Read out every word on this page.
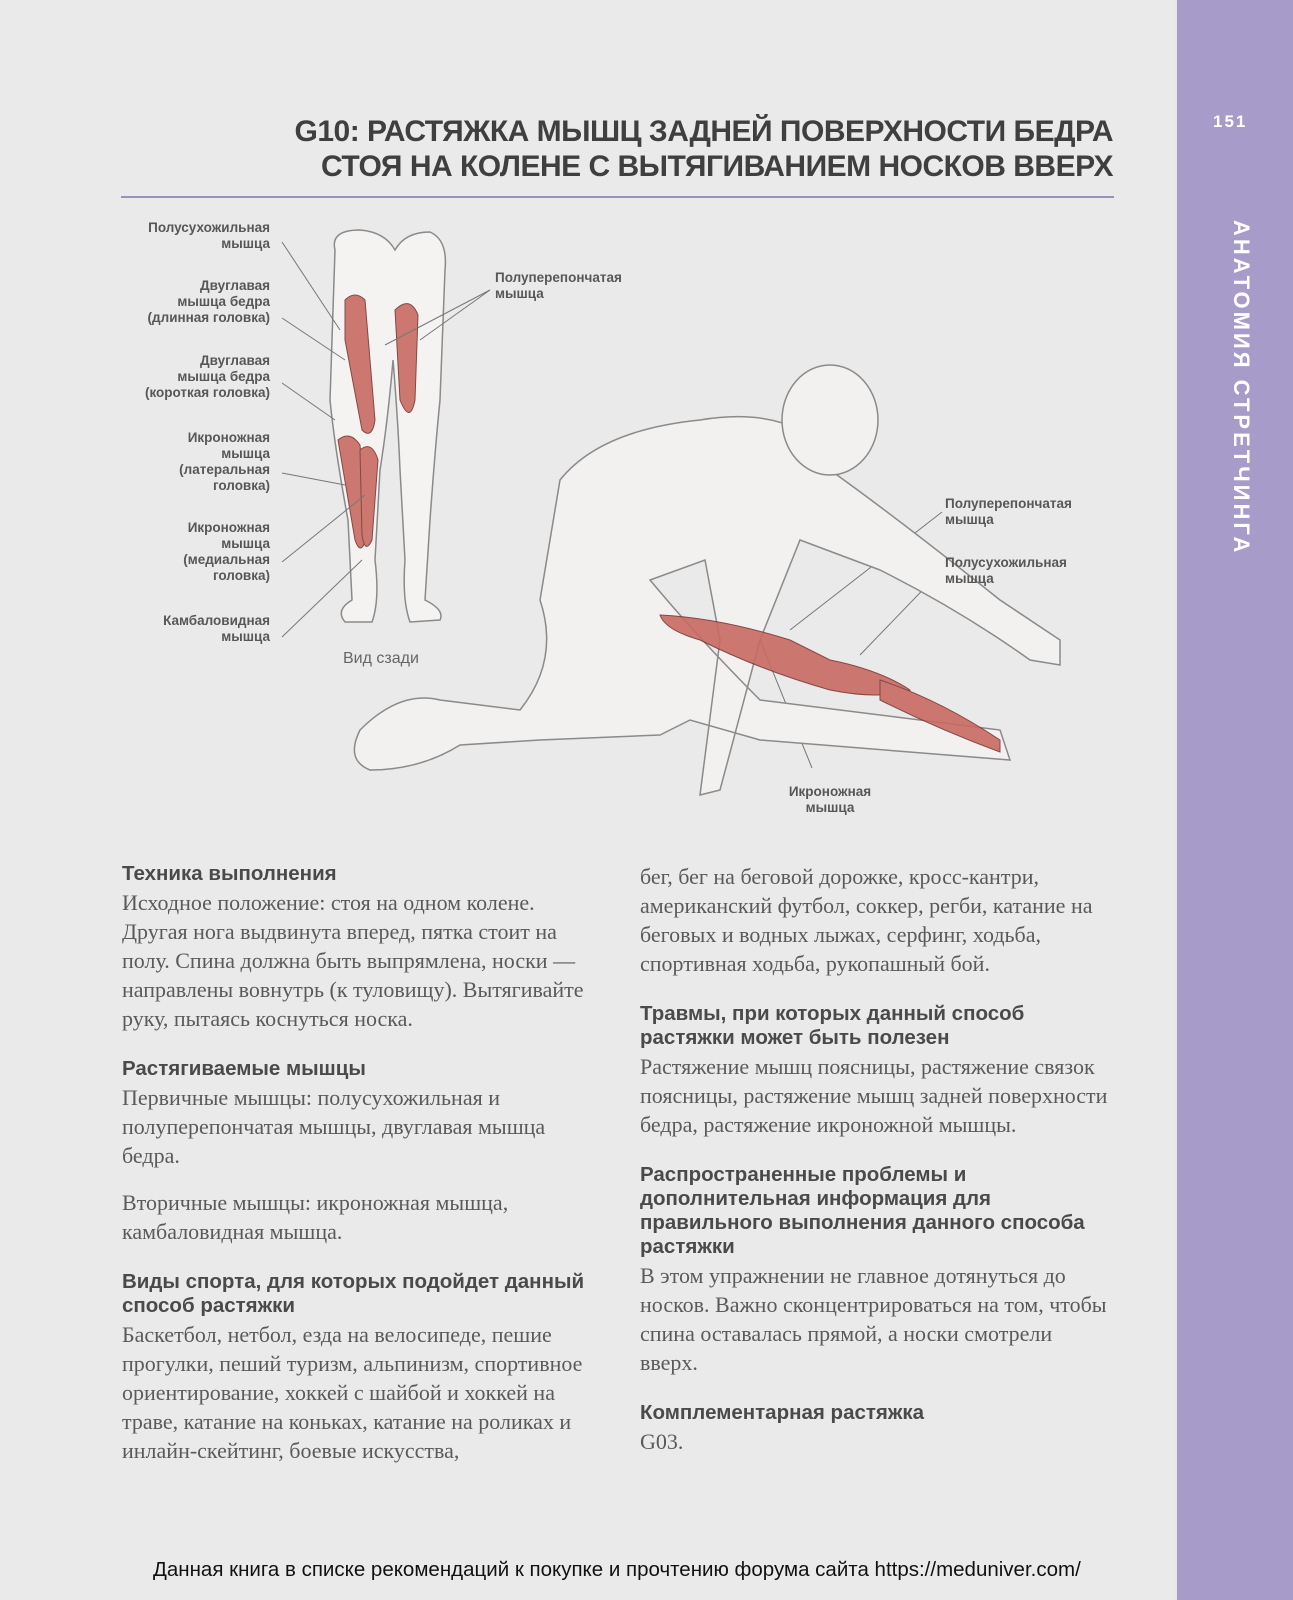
151
АНАТОМИЯ СТРЕТЧИНГА
G10: РАСТЯЖКА МЫШЦ ЗАДНЕЙ ПОВЕРХНОСТИ БЕДРА
СТОЯ НА КОЛЕНЕ С ВЫТЯГИВАНИЕМ НОСКОВ ВВЕРХ
Полусухожильная
мышца
Двуглавая
мышца бедра
(длинная головка)
Двуглавая
мышца бедра
(короткая головка)
Икроножная
мышца
(латеральная
головка)
Икроножная
мышца
(медиальная
головка)
Камбаловидная
мышца
Полуперепончатая
мышца
Вид сзади
Полуперепончатая
мышца
Полусухожильная
мышца
Икроножная
мышца
Техника выполнения

Исходное положение: стоя на одном колене. Другая нога выдвинута вперед, пятка стоит на полу. Спина должна быть выпрямлена, носки — направлены вовнутрь (к туловищу). Вытягивайте руку, пытаясь коснуться носка.

Растягиваемые мышцы

Первичные мышцы: полусухожильная и полуперепончатая мышцы, двуглавая мышца бедра.

Вторичные мышцы: икроножная мышца, камбаловидная мышца.

Виды спорта, для которых подойдет данный способ растяжки

Баскетбол, нетбол, езда на велосипеде, пешие прогулки, пеший туризм, альпинизм, спортивное ориентирование, хоккей с шайбой и хоккей на траве, катание на коньках, катание на роликах и инлайн-скейтинг, боевые искусства,

бег, бег на беговой дорожке, кросс-кантри, американский футбол, соккер, регби, катание на беговых и водных лыжах, серфинг, ходьба, спортивная ходьба, рукопашный бой.

Травмы, при которых данный способ растяжки может быть полезен

Растяжение мышц поясницы, растяжение связок поясницы, растяжение мышц задней поверхности бедра, растяжение икроножной мышцы.

Распространенные проблемы и дополнительная информация для правильного выполнения данного способа растяжки

В этом упражнении не главное дотянуться до носков. Важно сконцентрироваться на том, чтобы спина оставалась прямой, а носки смотрели вверх.

Комплементарная растяжка

G03.

Данная книга в списке рекомендаций к покупке и прочтению форума сайта https://meduniver.com/
